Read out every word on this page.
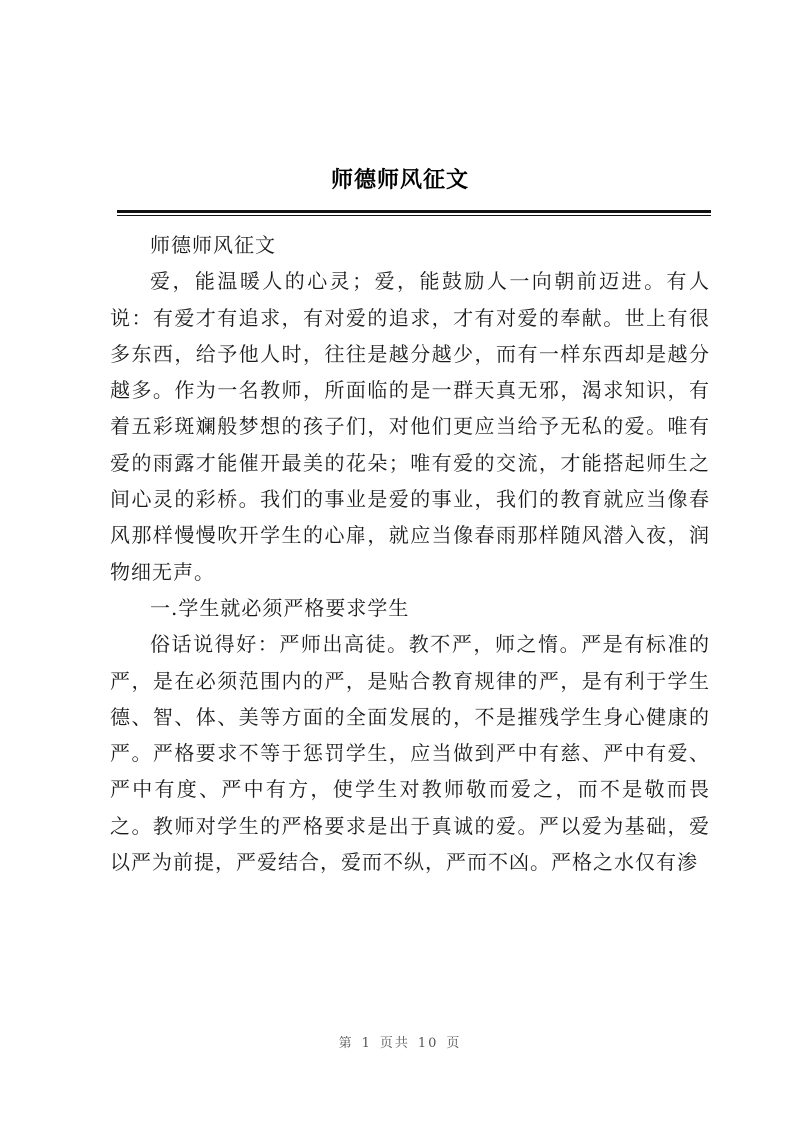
师德师风征文

师德师风征文

爱，能温暖人的心灵；爱，能鼓励人一向朝前迈进。有人说：有爱才有追求，有对爱的追求，才有对爱的奉献。世上有很多东西，给予他人时，往往是越分越少，而有一样东西却是越分越多。作为一名教师，所面临的是一群天真无邪，渴求知识，有着五彩斑斓般梦想的孩子们，对他们更应当给予无私的爱。唯有爱的雨露才能催开最美的花朵；唯有爱的交流，才能搭起师生之间心灵的彩桥。我们的事业是爱的事业，我们的教育就应当像春风那样慢慢吹开学生的心扉，就应当像春雨那样随风潜入夜，润物细无声。

一.学生就必须严格要求学生

俗话说得好：严师出高徒。教不严，师之惰。严是有标准的严，是在必须范围内的严，是贴合教育规律的严，是有利于学生德、智、体、美等方面的全面发展的，不是摧残学生身心健康的严。严格要求不等于惩罚学生，应当做到严中有慈、严中有爱、严中有度、严中有方，使学生对教师敬而爱之，而不是敬而畏之。教师对学生的严格要求是出于真诚的爱。严以爱为基础，爱以严为前提，严爱结合，爱而不纵，严而不凶。严格之水仅有渗

第 1 页共 10 页
